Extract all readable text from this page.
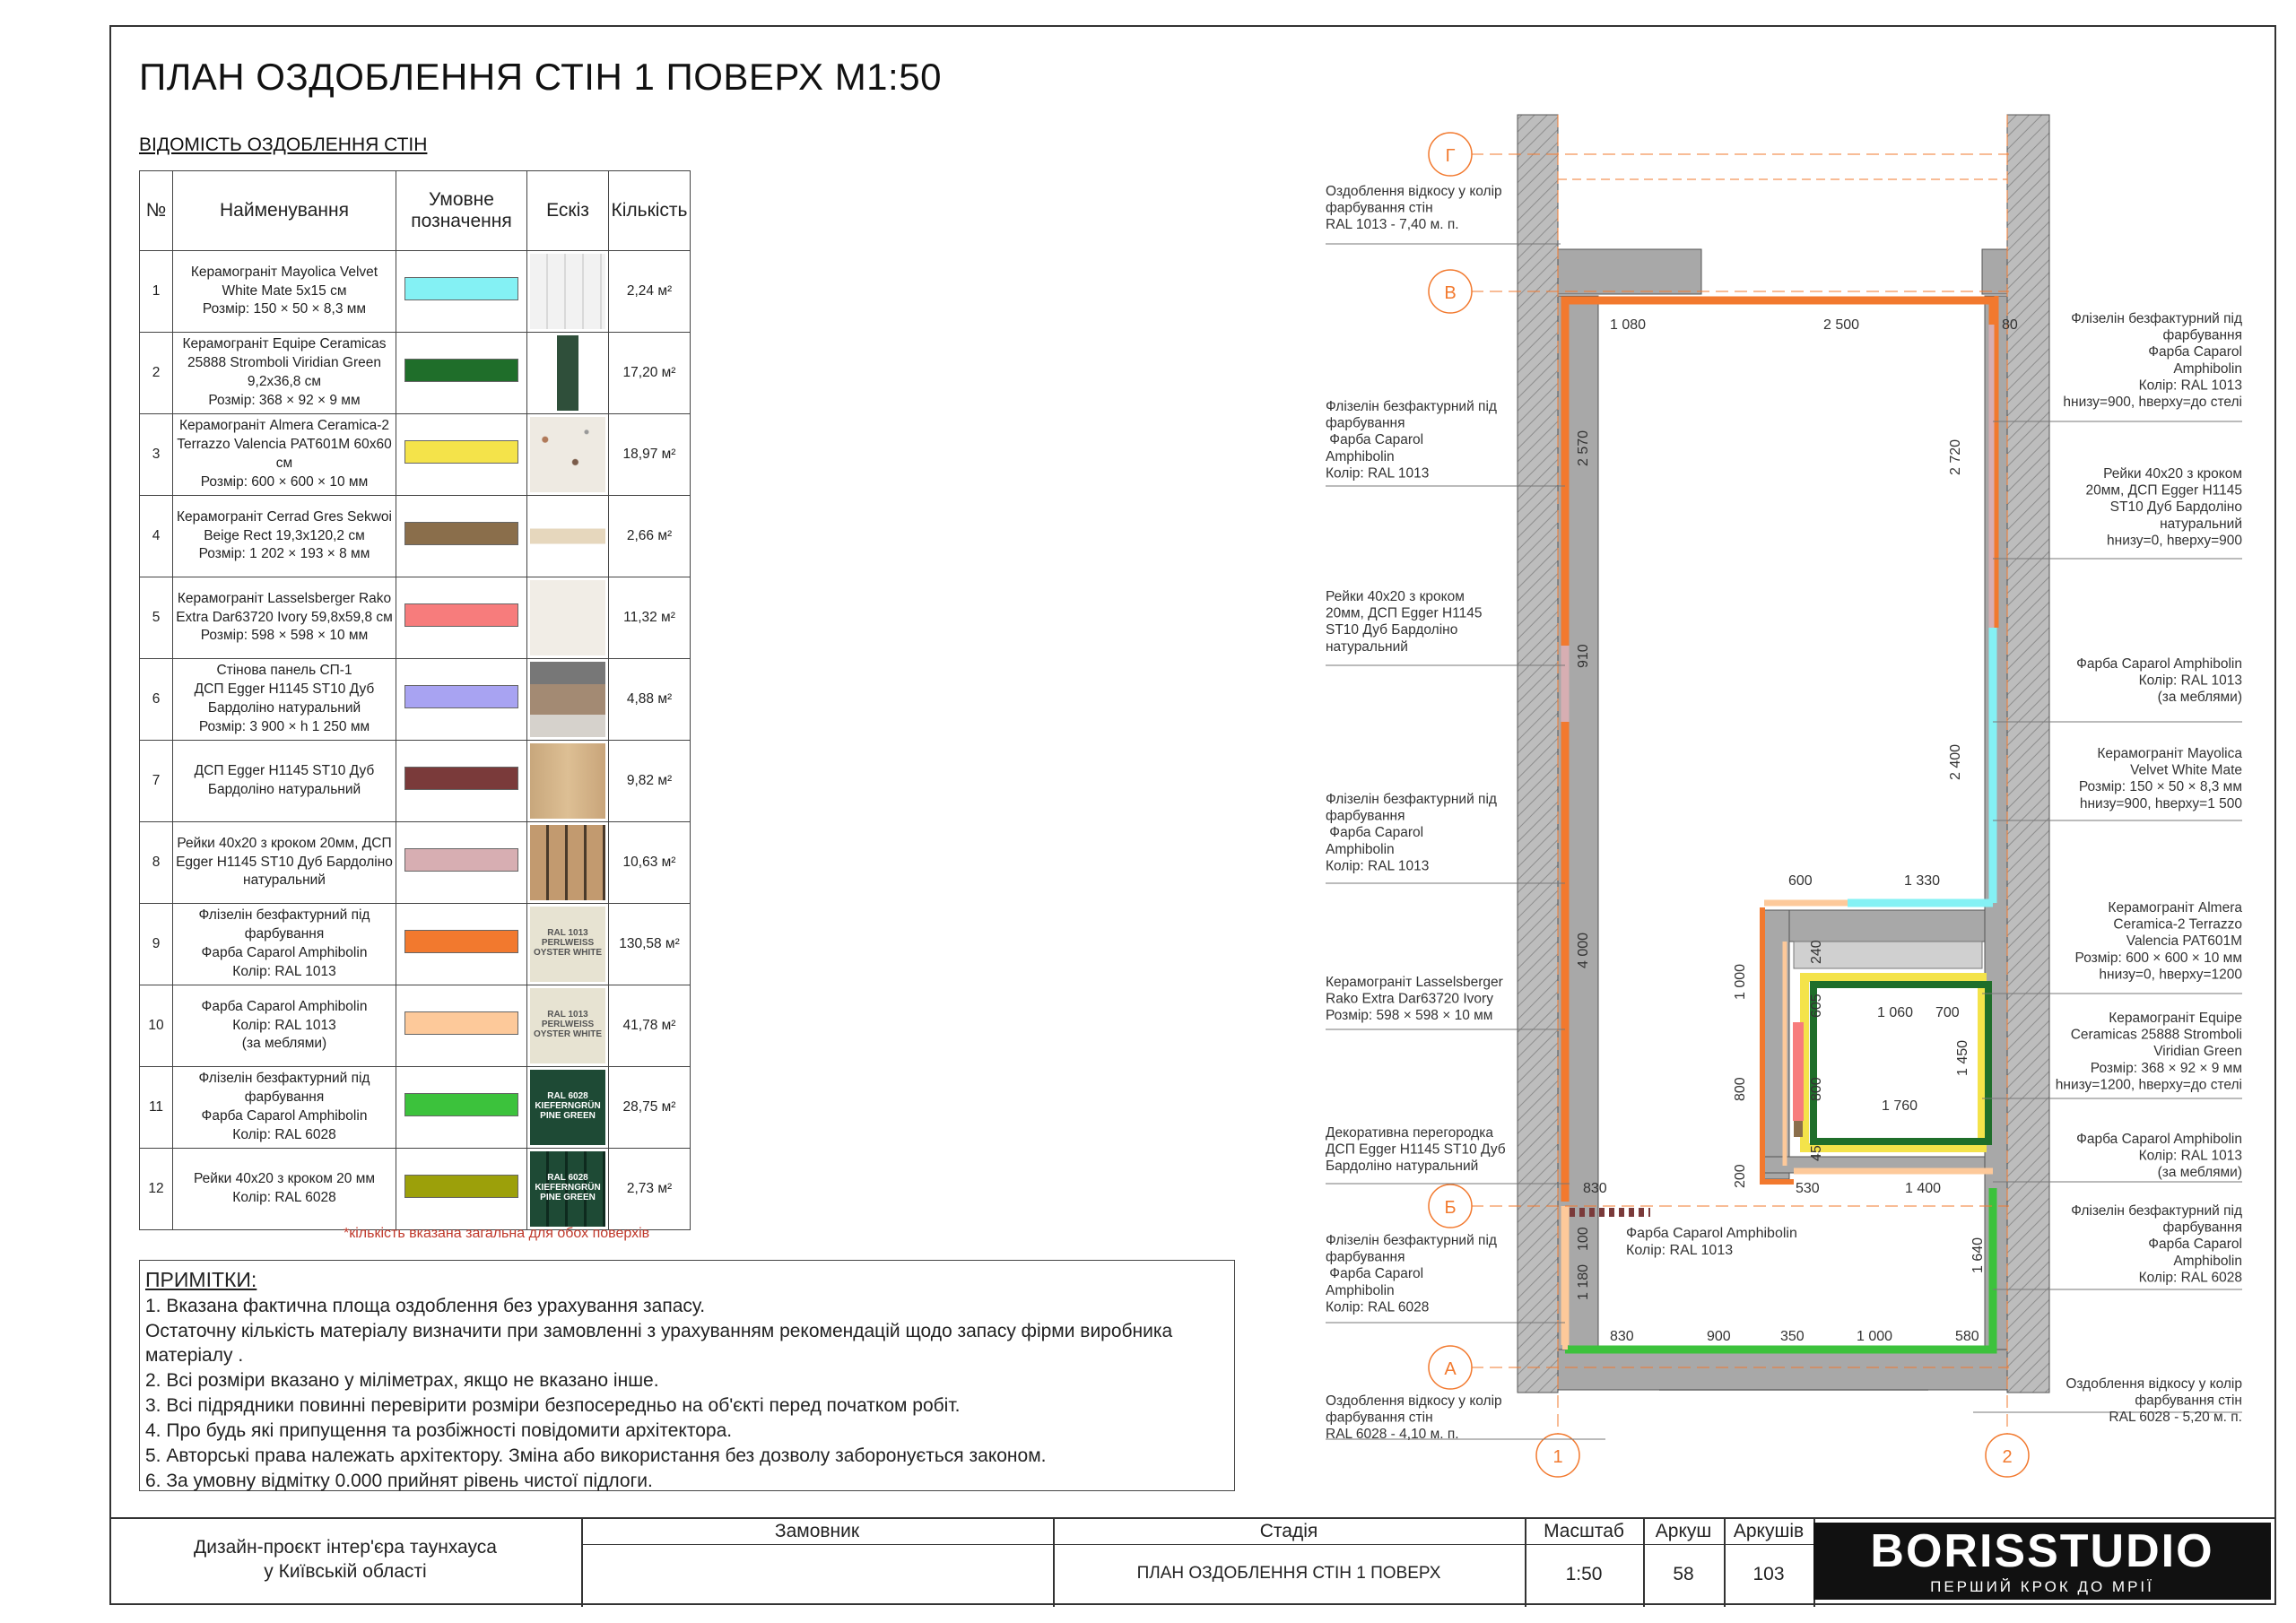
ПЛАН ОЗДОБЛЕННЯ СТІН 1 ПОВЕРХ М1:50
ВІДОМІСТЬ ОЗДОБЛЕННЯ СТІН
№	Найменування	Умовне позначення	Ескіз	Кількість
1	Керамограніт Mayolica Velvet White Mate 5х15 см
Розмір: 150 × 50 × 8,3 мм			2,24 м²
2	Керамограніт Equipe Ceramicas 25888 Stromboli Viridian Green 9,2х36,8 см
Розмір: 368 × 92 × 9 мм			17,20 м²
3	Керамограніт Almera Ceramica-2 Terrazzo Valencia PAT601M 60х60 см
Розмір: 600 × 600 × 10 мм			18,97 м²
4	Керамограніт Cerrad Gres Sekwoi Beige Rect 19,3х120,2 см
Розмір: 1 202 × 193 × 8 мм			2,66 м²
5	Керамограніт Lasselsberger Rako Extra Dar63720 Ivory 59,8х59,8 см
Розмір: 598 × 598 × 10 мм			11,32 м²
6	Стінова панель СП-1
ДСП Egger H1145 ST10 Дуб Бардоліно натуральний
Розмір: 3 900 × h 1 250 мм			4,88 м²
7	ДСП Egger H1145 ST10 Дуб Бардоліно натуральний			9,82 м²
8	Рейки 40х20 з кроком 20мм, ДСП Egger H1145 ST10 Дуб Бардоліно натуральний			10,63 м²
9	Флізелін безфактурний під фарбування
Фарба Caparol Amphibolin
Колір: RAL 1013		RAL 1013
PERLWEISS
OYSTER WHITE	130,58 м²
10	Фарба Caparol Amphibolin
Колір: RAL 1013
(за меблями)		RAL 1013
PERLWEISS
OYSTER WHITE	41,78 м²
11	Флізелін безфактурний під фарбування
Фарба Caparol Amphibolin
Колір: RAL 6028		RAL 6028
KIEFERNGRÜN
PINE GREEN	28,75 м²
12	Рейки 40х20 з кроком 20 мм
Колір: RAL 6028		RAL 6028
KIEFERNGRÜN
PINE GREEN	2,73 м²
*кількість вказана загальна для обох поверхів
ПРИМІТКИ:
1. Вказана фактична площа оздоблення без урахування запасу.
Остаточну кількість матеріалу визначити при замовленні з урахуванням рекомендацій щодо запасу фірми виробника матеріалу .
2. Всі розміри вказано у міліметрах, якщо не вказано інше.
3. Всі підрядники повинні перевірити розміри безпосередньо на об'єкті перед початком робіт.
4. Про будь які припущення та розбіжності повідомити архітектора.
5. Авторські права належать архітектору. Зміна або використання без дозволу заборонується законом.
6. За умовну відмітку 0.000 прийнят рівень чистої підлоги.
Г
В
Б
А
1	2
1 080	2 500	80
2 570	2 720
910
2 400
4 000
600	1 330
240
1 000
605	1 060 700
1 450
800	800
1 760
45
200
530	1 400
830
100
1 180
1 640
830	900	350	1 000	580
Фарба Caparol Amphibolin Колір: RAL 1013
Оздоблення відкосу у колір фарбування стін RAL 1013 - 7,40 м. п.
Флізелін безфактурний під фарбування Фарба Caparol Amphibolin Колір: RAL 1013
Рейки 40х20 з кроком 20мм, ДСП Egger H1145 ST10 Дуб Бардоліно натуральний
Флізелін безфактурний під фарбування Фарба Caparol Amphibolin Колір: RAL 1013
Керамограніт Lasselsberger Rako Extra Dar63720 Ivory Розмір: 598 × 598 × 10 мм
Декоративна перегородка ДСП Egger H1145 ST10 Дуб Бардоліно натуральний
Флізелін безфактурний під фарбування Фарба Caparol Amphibolin Колір: RAL 6028
Оздоблення відкосу у колір фарбування стін RAL 6028 - 4,10 м. п.
Флізелін безфактурний під фарбування Фарба Caparol Amphibolin Колір: RAL 1013 hнизу=900, hверху=до стелі
Рейки 40х20 з кроком 20мм, ДСП Egger H1145 ST10 Дуб Бардоліно натуральний hнизу=0, hверху=900
Фарба Caparol Amphibolin Колір: RAL 1013 (за меблями)
Керамограніт Mayolica Velvet White Mate Розмір: 150 × 50 × 8,3 мм hнизу=900, hверху=1 500
Керамограніт Almera Ceramica-2 Terrazzo Valencia PAT601M Розмір: 600 × 600 × 10 мм hнизу=0, hверху=1200
Керамограніт Equipe Ceramicas 25888 Stromboli Viridian Green Розмір: 368 × 92 × 9 мм hнизу=1200, hверху=до стелі
Фарба Caparol Amphibolin Колір: RAL 1013 (за меблями)
Флізелін безфактурний під фарбування Фарба Caparol Amphibolin Колір: RAL 6028
Оздоблення відкосу у колір фарбування стін RAL 6028 - 5,20 м. п.
Дизайн-проєкт інтер'єра таунхауса
у Київській області
Замовник	Стадія
ПЛАН ОЗДОБЛЕННЯ СТІН 1 ПОВЕРХ
Масштаб
1:50
Аркуш
58
Аркушів
103	BORISSTUDIO
ПЕРШИЙ КРОК ДО МРІЇ
